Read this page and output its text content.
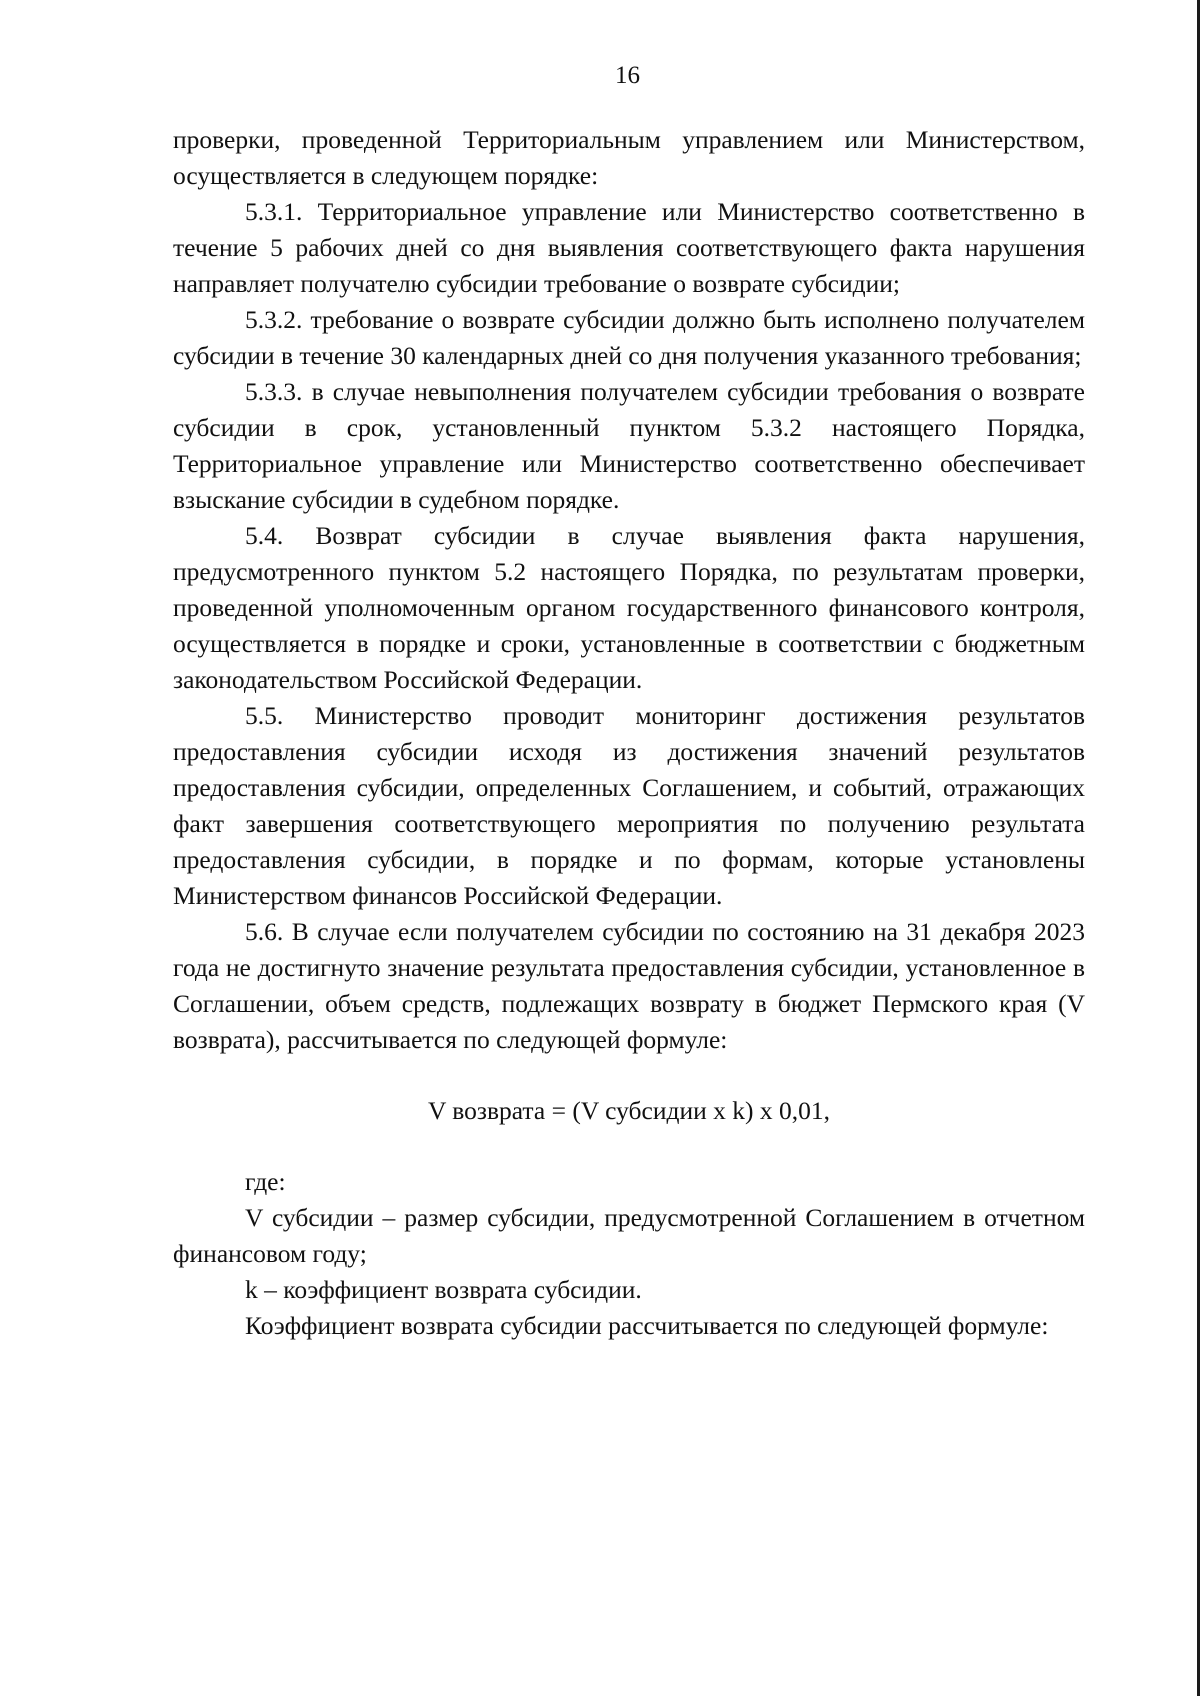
16

проверки, проведенной Территориальным управлением или Министерством, осуществляется в следующем порядке:

5.3.1. Территориальное управление или Министерство соответственно в течение 5 рабочих дней со дня выявления соответствующего факта нарушения направляет получателю субсидии требование о возврате субсидии;

5.3.2. требование о возврате субсидии должно быть исполнено получателем субсидии в течение 30 календарных дней со дня получения указанного требования;

5.3.3. в случае невыполнения получателем субсидии требования о возврате субсидии в срок, установленный пунктом 5.3.2 настоящего Порядка, Территориальное управление или Министерство соответственно обеспечивает взыскание субсидии в судебном порядке.

5.4. Возврат субсидии в случае выявления факта нарушения, предусмотренного пунктом 5.2 настоящего Порядка, по результатам проверки, проведенной уполномоченным органом государственного финансового контроля, осуществляется в порядке и сроки, установленные в соответствии с бюджетным законодательством Российской Федерации.

5.5. Министерство проводит мониторинг достижения результатов предоставления субсидии исходя из достижения значений результатов предоставления субсидии, определенных Соглашением, и событий, отражающих факт завершения соответствующего мероприятия по получению результата предоставления субсидии, в порядке и по формам, которые установлены Министерством финансов Российской Федерации.

5.6. В случае если получателем субсидии по состоянию на 31 декабря 2023 года не достигнуто значение результата предоставления субсидии, установленное в Соглашении, объем средств, подлежащих возврату в бюджет Пермского края (V возврата), рассчитывается по следующей формуле:

V возврата = (V субсидии x k) x 0,01,

где:

V субсидии – размер субсидии, предусмотренной Соглашением в отчетном финансовом году;

k – коэффициент возврата субсидии.

Коэффициент возврата субсидии рассчитывается по следующей формуле:
